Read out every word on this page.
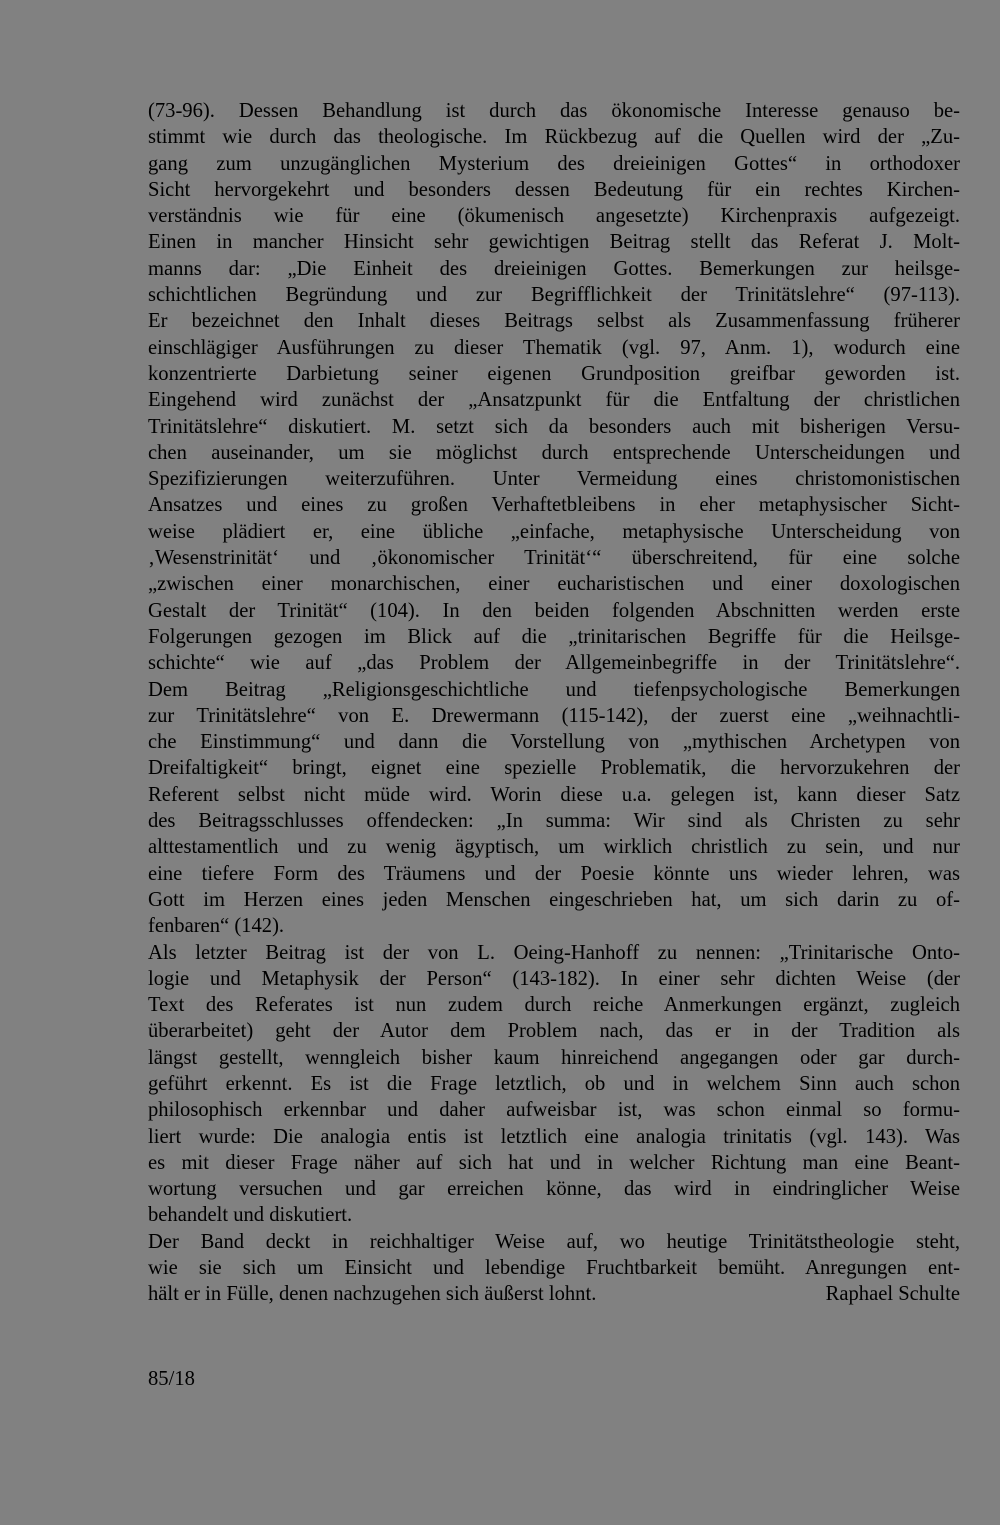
(73-96). Dessen Behandlung ist durch das ökonomische Interesse genauso be-
stimmt wie durch das theologische. Im Rückbezug auf die Quellen wird der „Zu-
gang zum unzugänglichen Mysterium des dreieinigen Gottes“ in orthodoxer
Sicht hervorgekehrt und besonders dessen Bedeutung für ein rechtes Kirchen-
verständnis wie für eine (ökumenisch angesetzte) Kirchenpraxis aufgezeigt.
Einen in mancher Hinsicht sehr gewichtigen Beitrag stellt das Referat J. Molt-
manns dar: „Die Einheit des dreieinigen Gottes. Bemerkungen zur heilsge-
schichtlichen Begründung und zur Begrifflichkeit der Trinitätslehre“ (97-113).
Er bezeichnet den Inhalt dieses Beitrags selbst als Zusammenfassung früherer
einschlägiger Ausführungen zu dieser Thematik (vgl. 97, Anm. 1), wodurch eine
konzentrierte Darbietung seiner eigenen Grundposition greifbar geworden ist.
Eingehend wird zunächst der „Ansatzpunkt für die Entfaltung der christlichen
Trinitätslehre“ diskutiert. M. setzt sich da besonders auch mit bisherigen Versu-
chen auseinander, um sie möglichst durch entsprechende Unterscheidungen und
Spezifizierungen weiterzuführen. Unter Vermeidung eines christomonistischen
Ansatzes und eines zu großen Verhaftetbleibens in eher metaphysischer Sicht-
weise plädiert er, eine übliche „einfache, metaphysische Unterscheidung von
‚Wesenstrinität‘ und ‚ökonomischer Trinität‘“ überschreitend, für eine solche
„zwischen einer monarchischen, einer eucharistischen und einer doxologischen
Gestalt der Trinität“ (104). In den beiden folgenden Abschnitten werden erste
Folgerungen gezogen im Blick auf die „trinitarischen Begriffe für die Heilsge-
schichte“ wie auf „das Problem der Allgemeinbegriffe in der Trinitätslehre“.
Dem Beitrag „Religionsgeschichtliche und tiefenpsychologische Bemerkungen
zur Trinitätslehre“ von E. Drewermann (115-142), der zuerst eine „weihnachtli-
che Einstimmung“ und dann die Vorstellung von „mythischen Archetypen von
Dreifaltigkeit“ bringt, eignet eine spezielle Problematik, die hervorzukehren der
Referent selbst nicht müde wird. Worin diese u.a. gelegen ist, kann dieser Satz
des Beitragsschlusses offendecken: „In summa: Wir sind als Christen zu sehr
alttestamentlich und zu wenig ägyptisch, um wirklich christlich zu sein, und nur
eine tiefere Form des Träumens und der Poesie könnte uns wieder lehren, was
Gott im Herzen eines jeden Menschen eingeschrieben hat, um sich darin zu of-
fenbaren“ (142).
Als letzter Beitrag ist der von L. Oeing-Hanhoff zu nennen: „Trinitarische Onto-
logie und Metaphysik der Person“ (143-182). In einer sehr dichten Weise (der
Text des Referates ist nun zudem durch reiche Anmerkungen ergänzt, zugleich
überarbeitet) geht der Autor dem Problem nach, das er in der Tradition als
längst gestellt, wenngleich bisher kaum hinreichend angegangen oder gar durch-
geführt erkennt. Es ist die Frage letztlich, ob und in welchem Sinn auch schon
philosophisch erkennbar und daher aufweisbar ist, was schon einmal so formu-
liert wurde: Die analogia entis ist letztlich eine analogia trinitatis (vgl. 143). Was
es mit dieser Frage näher auf sich hat und in welcher Richtung man eine Beant-
wortung versuchen und gar erreichen könne, das wird in eindringlicher Weise
behandelt und diskutiert.
Der Band deckt in reichhaltiger Weise auf, wo heutige Trinitätstheologie steht,
wie sie sich um Einsicht und lebendige Fruchtbarkeit bemüht. Anregungen ent-
hält er in Fülle, denen nachzugehen sich äußerst lohnt.	Raphael Schulte
85/18
